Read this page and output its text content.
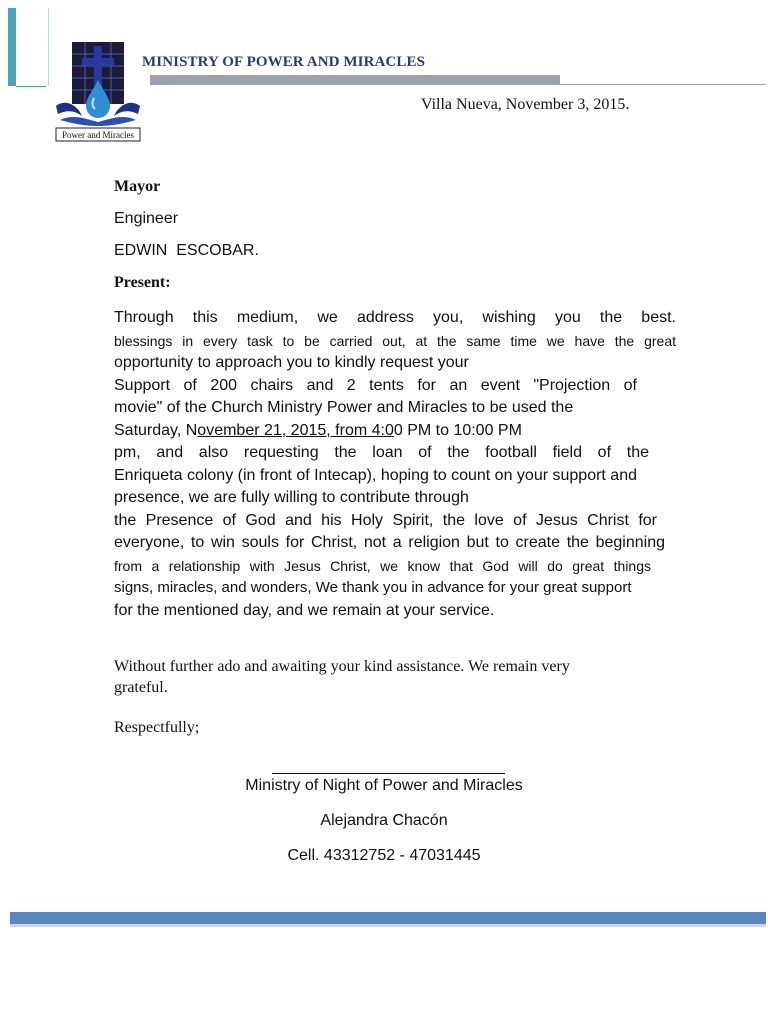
Power and Miracles
MINISTRY OF POWER AND MIRACLES
Villa Nueva, November 3, 2015.
Mayor
Engineer
EDWIN  ESCOBAR.
Present:
Through this medium, we address you, wishing you the best.
blessings in every task to be carried out, at the same time we have the great
opportunity to approach you to kindly request your
Support of 200 chairs and 2 tents for an event "Projection of
movie" of the Church Ministry Power and Miracles to be used the
Saturday, November 21, 2015, from 4:00 PM to 10:00 PM
pm, and also requesting the loan of the football field of the
Enriqueta colony (in front of Intecap), hoping to count on your support and
presence, we are fully willing to contribute through
the Presence of God and his Holy Spirit, the love of Jesus Christ for
everyone, to win souls for Christ, not a religion but to create the beginning
from a relationship with Jesus Christ, we know that God will do great things
signs, miracles, and wonders, We thank you in advance for your great support
for the mentioned day, and we remain at your service.
Without further ado and awaiting your kind assistance. We remain very grateful.
Respectfully;
Ministry of Night of Power and Miracles
Alejandra Chacón
Cell. 43312752 - 47031445
